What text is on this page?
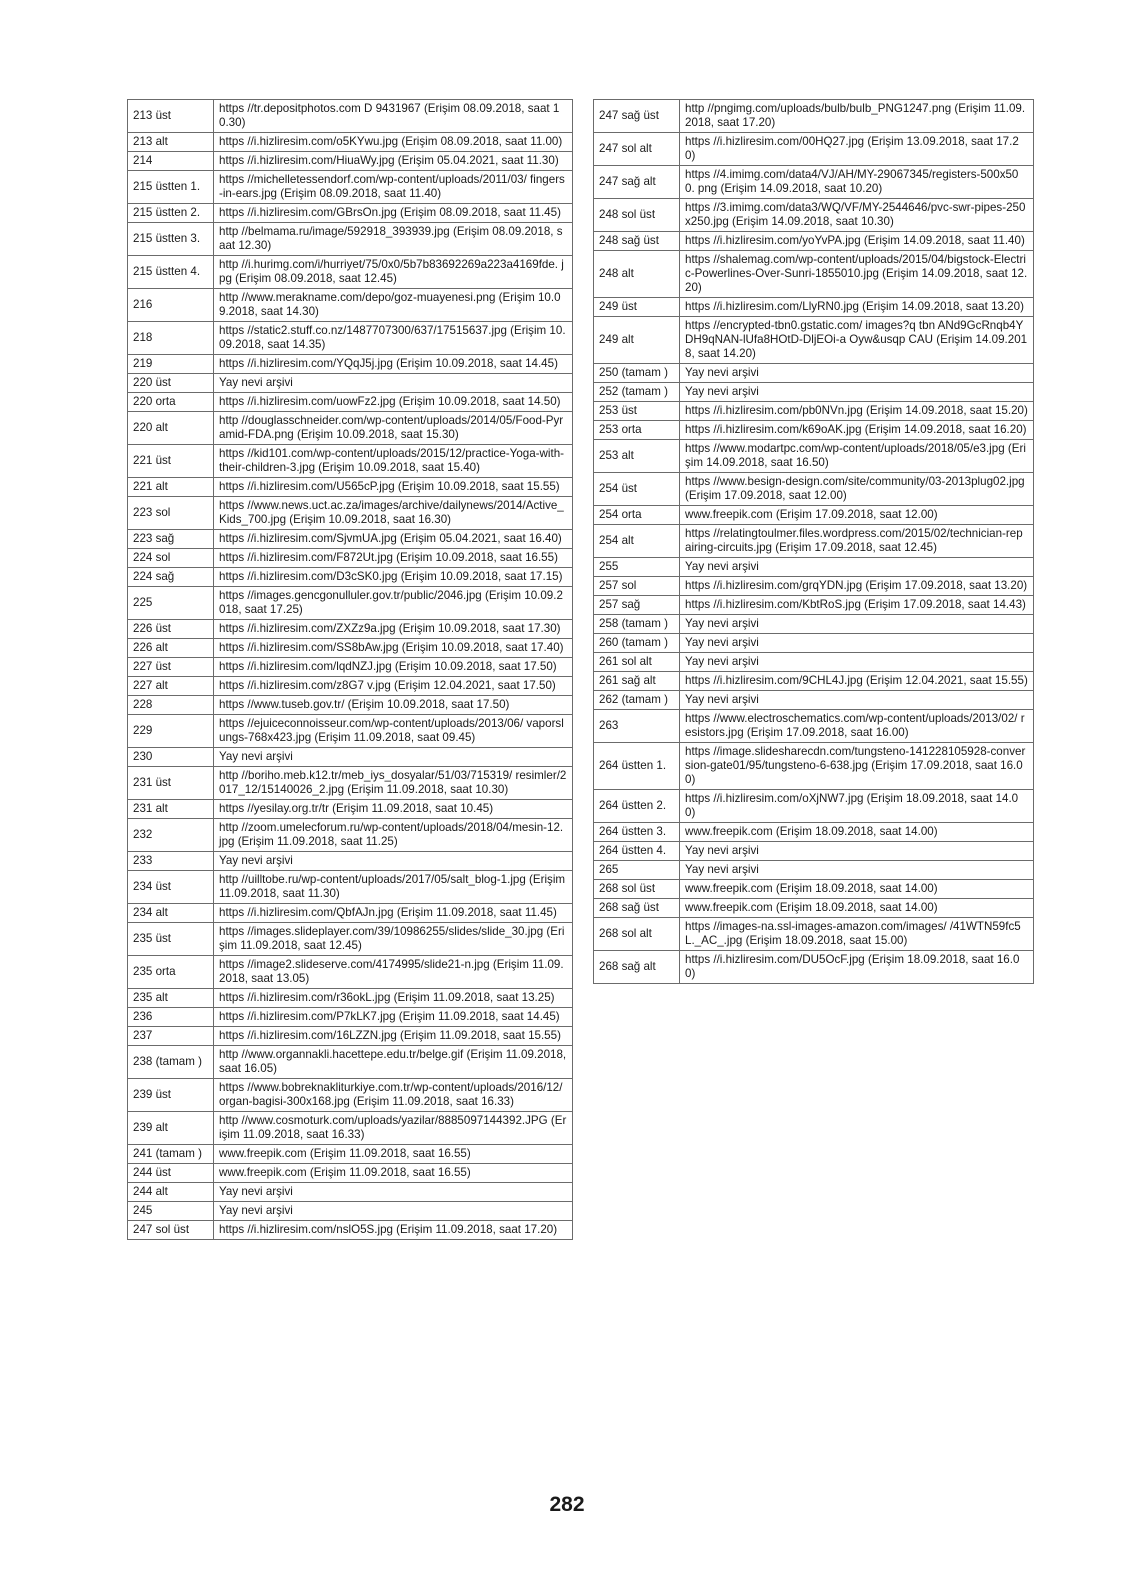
213 üst	https //tr.depositphotos.com D 9431967 (Erişim 08.09.2018, saat 10.30)
213 alt	https //i.hizliresim.com/o5KYwu.jpg (Erişim 08.09.2018, saat 11.00)
214	https //i.hizliresim.com/HiuaWy.jpg (Erişim 05.04.2021, saat 11.30)
215 üstten 1.	https //michelletessendorf.com/wp-content/uploads/2011/03/ fingers-in-ears.jpg (Erişim 08.09.2018, saat 11.40)
215 üstten 2.	https //i.hizliresim.com/GBrsOn.jpg (Erişim 08.09.2018, saat 11.45)
215 üstten 3.	http //belmama.ru/image/592918_393939.jpg (Erişim 08.09.2018, saat 12.30)
215 üstten 4.	http //i.hurimg.com/i/hurriyet/75/0x0/5b7b83692269a223a4169fde. jpg (Erişim 08.09.2018, saat 12.45)
216	http //www.merakname.com/depo/goz-muayenesi.png (Erişim 10.09.2018, saat 14.30)
218	https //static2.stuff.co.nz/1487707300/637/17515637.jpg (Erişim 10.09.2018, saat 14.35)
219	https //i.hizliresim.com/YQqJ5j.jpg (Erişim 10.09.2018, saat 14.45)
220 üst	Yay nevi arşivi
220 orta	https //i.hizliresim.com/uowFz2.jpg (Erişim 10.09.2018, saat 14.50)
220 alt	http //douglasschneider.com/wp-content/uploads/2014/05/Food-Pyramid-FDA.png (Erişim 10.09.2018, saat 15.30)
221 üst	https //kid101.com/wp-content/uploads/2015/12/practice-Yoga-with-their-children-3.jpg (Erişim 10.09.2018, saat 15.40)
221 alt	https //i.hizliresim.com/U565cP.jpg (Erişim 10.09.2018, saat 15.55)
223 sol	https //www.news.uct.ac.za/images/archive/dailynews/2014/Active_ Kids_700.jpg (Erişim 10.09.2018, saat 16.30)
223 sağ	https //i.hizliresim.com/SjvmUA.jpg (Erişim 05.04.2021, saat 16.40)
224 sol	https //i.hizliresim.com/F872Ut.jpg (Erişim 10.09.2018, saat 16.55)
224 sağ	https //i.hizliresim.com/D3cSK0.jpg (Erişim 10.09.2018, saat 17.15)
225	https //images.gencgonulluler.gov.tr/public/2046.jpg (Erişim 10.09.2018, saat 17.25)
226 üst	https //i.hizliresim.com/ZXZz9a.jpg (Erişim 10.09.2018, saat 17.30)
226 alt	https //i.hizliresim.com/SS8bAw.jpg (Erişim 10.09.2018, saat 17.40)
227 üst	https //i.hizliresim.com/lqdNZJ.jpg (Erişim 10.09.2018, saat 17.50)
227 alt	https //i.hizliresim.com/z8G7 v.jpg (Erişim 12.04.2021, saat 17.50)
228	https //www.tuseb.gov.tr/ (Erişim 10.09.2018, saat 17.50)
229	https //ejuiceconnoisseur.com/wp-content/uploads/2013/06/ vaporslungs-768x423.jpg (Erişim 11.09.2018, saat 09.45)
230	Yay nevi arşivi
231 üst	http //boriho.meb.k12.tr/meb_iys_dosyalar/51/03/715319/ resimler/2017_12/15140026_2.jpg (Erişim 11.09.2018, saat 10.30)
231 alt	https //yesilay.org.tr/tr (Erişim 11.09.2018, saat 10.45)
232	http //zoom.umelecforum.ru/wp-content/uploads/2018/04/mesin-12. jpg (Erişim 11.09.2018, saat 11.25)
233	Yay nevi arşivi
234 üst	http //uilltobe.ru/wp-content/uploads/2017/05/salt_blog-1.jpg (Erişim 11.09.2018, saat 11.30)
234 alt	https //i.hizliresim.com/QbfAJn.jpg (Erişim 11.09.2018, saat 11.45)
235 üst	https //images.slideplayer.com/39/10986255/slides/slide_30.jpg (Erişim 11.09.2018, saat 12.45)
235 orta	https //image2.slideserve.com/4174995/slide21-n.jpg (Erişim 11.09.2018, saat 13.05)
235 alt	https //i.hizliresim.com/r36okL.jpg (Erişim 11.09.2018, saat 13.25)
236	https //i.hizliresim.com/P7kLK7.jpg (Erişim 11.09.2018, saat 14.45)
237	https //i.hizliresim.com/16LZZN.jpg (Erişim 11.09.2018, saat 15.55)
238 (tamam )	http //www.organnakli.hacettepe.edu.tr/belge.gif (Erişim 11.09.2018, saat 16.05)
239 üst	https //www.bobreknakliturkiye.com.tr/wp-content/uploads/2016/12/ organ-bagisi-300x168.jpg (Erişim 11.09.2018, saat 16.33)
239 alt	http //www.cosmoturk.com/uploads/yazilar/8885097144392.JPG (Erişim 11.09.2018, saat 16.33)
241 (tamam )	www.freepik.com (Erişim 11.09.2018, saat 16.55)
244 üst	www.freepik.com (Erişim 11.09.2018, saat 16.55)
244 alt	Yay nevi arşivi
245	Yay nevi arşivi
247 sol üst	https //i.hizliresim.com/nslO5S.jpg (Erişim 11.09.2018, saat 17.20)
247 sağ üst	http //pngimg.com/uploads/bulb/bulb_PNG1247.png (Erişim 11.09.2018, saat 17.20)
247 sol alt	https //i.hizliresim.com/00HQ27.jpg (Erişim 13.09.2018, saat 17.20)
247 sağ alt	https //4.imimg.com/data4/VJ/AH/MY-29067345/registers-500x500. png (Erişim 14.09.2018, saat 10.20)
248 sol üst	https //3.imimg.com/data3/WQ/VF/MY-2544646/pvc-swr-pipes-250x250.jpg (Erişim 14.09.2018, saat 10.30)
248 sağ üst	https //i.hizliresim.com/yoYvPA.jpg (Erişim 14.09.2018, saat 11.40)
248 alt	https //shalemag.com/wp-content/uploads/2015/04/bigstock-Electric-Powerlines-Over-Sunri-1855010.jpg (Erişim 14.09.2018, saat 12.20)
249 üst	https //i.hizliresim.com/LlyRN0.jpg (Erişim 14.09.2018, saat 13.20)
249 alt	https //encrypted-tbn0.gstatic.com/ images?q tbn ANd9GcRnqb4YDH9qNAN-lUfa8HOtD-DljEOi-a Oyw&usqp CAU (Erişim 14.09.2018, saat 14.20)
250 (tamam )	Yay nevi arşivi
252 (tamam )	Yay nevi arşivi
253 üst	https //i.hizliresim.com/pb0NVn.jpg (Erişim 14.09.2018, saat 15.20)
253 orta	https //i.hizliresim.com/k69oAK.jpg (Erişim 14.09.2018, saat 16.20)
253 alt	https //www.modartpc.com/wp-content/uploads/2018/05/e3.jpg (Erişim 14.09.2018, saat 16.50)
254 üst	https //www.besign-design.com/site/community/03-2013plug02.jpg (Erişim 17.09.2018, saat 12.00)
254 orta	www.freepik.com (Erişim 17.09.2018, saat 12.00)
254 alt	https //relatingtoulmer.files.wordpress.com/2015/02/technician-repairing-circuits.jpg (Erişim 17.09.2018, saat 12.45)
255	Yay nevi arşivi
257 sol	https //i.hizliresim.com/grqYDN.jpg (Erişim 17.09.2018, saat 13.20)
257 sağ	https //i.hizliresim.com/KbtRoS.jpg (Erişim 17.09.2018, saat 14.43)
258 (tamam )	Yay nevi arşivi
260 (tamam )	Yay nevi arşivi
261 sol alt	Yay nevi arşivi
261 sağ alt	https //i.hizliresim.com/9CHL4J.jpg (Erişim 12.04.2021, saat 15.55)
262 (tamam )	Yay nevi arşivi
263	https //www.electroschematics.com/wp-content/uploads/2013/02/ resistors.jpg (Erişim 17.09.2018, saat 16.00)
264 üstten 1.	https //image.slidesharecdn.com/tungsteno-141228105928-conversion-gate01/95/tungsteno-6-638.jpg (Erişim 17.09.2018, saat 16.00)
264 üstten 2.	https //i.hizliresim.com/oXjNW7.jpg (Erişim 18.09.2018, saat 14.00)
264 üstten 3.	www.freepik.com (Erişim 18.09.2018, saat 14.00)
264 üstten 4.	Yay nevi arşivi
265	Yay nevi arşivi
268 sol üst	www.freepik.com (Erişim 18.09.2018, saat 14.00)
268 sağ üst	www.freepik.com (Erişim 18.09.2018, saat 14.00)
268 sol alt	https //images-na.ssl-images-amazon.com/images/ /41WTN59fc5L._AC_.jpg (Erişim 18.09.2018, saat 15.00)
268 sağ alt	https //i.hizliresim.com/DU5OcF.jpg (Erişim 18.09.2018, saat 16.00)
282
